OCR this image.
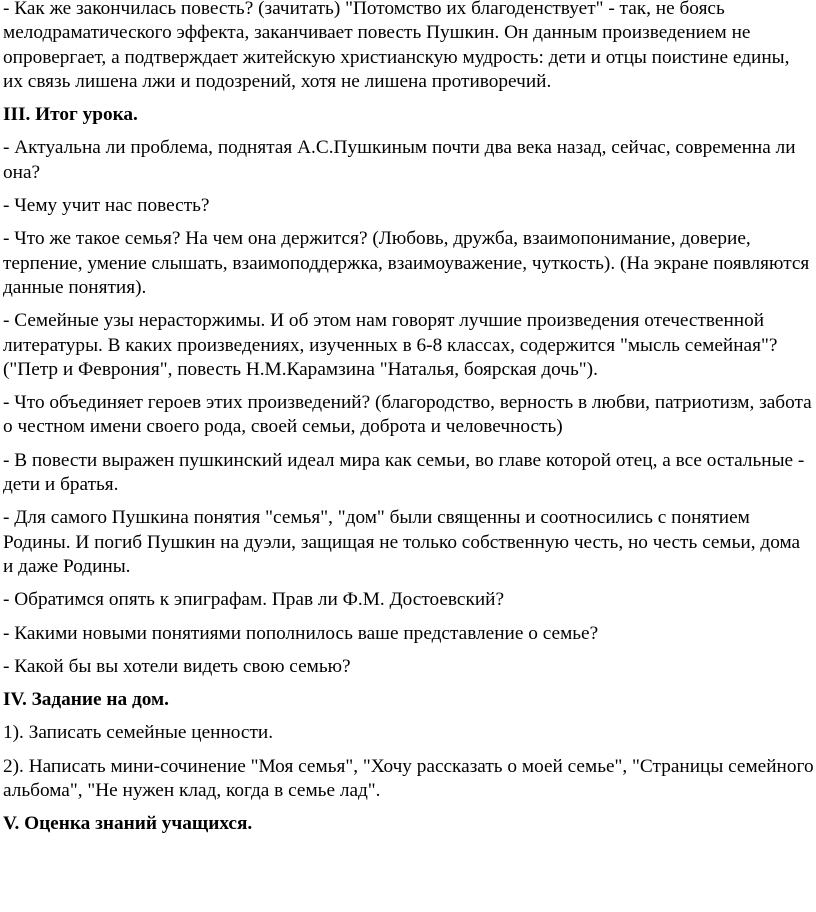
- Как же закончилась повесть? (зачитать) "Потомство их благоденствует" - так, не боясь мелодраматического эффекта, заканчивает повесть Пушкин. Он данным произведением не опровергает, а подтверждает житейскую христианскую мудрость: дети и отцы поистине едины, их связь лишена лжи и подозрений, хотя не лишена противоречий.

III. Итог урока.

- Актуальна ли проблема, поднятая А.С.Пушкиным почти два века назад, сейчас, современна ли она?

- Чему учит нас повесть?

- Что же такое семья? На чем она держится? (Любовь, дружба, взаимопонимание, доверие, терпение, умение слышать, взаимоподдержка, взаимоуважение, чуткость). (На экране появляются данные понятия).

- Семейные узы нерасторжимы. И об этом нам говорят лучшие произведения отечественной литературы. В каких произведениях, изученных в 6-8 классах, содержится "мысль семейная"? ("Петр и Феврония", повесть Н.М.Карамзина "Наталья, боярская дочь").

- Что объединяет героев этих произведений? (благородство, верность в любви, патриотизм, забота о честном имени своего рода, своей семьи, доброта и человечность)

- В повести выражен пушкинский идеал мира как семьи, во главе которой отец, а все остальные - дети и братья.

- Для самого Пушкина понятия "семья", "дом" были священны и соотносились с понятием Родины. И погиб Пушкин на дуэли, защищая не только собственную честь, но честь семьи, дома и даже Родины.

- Обратимся опять к эпиграфам. Прав ли Ф.М. Достоевский?

- Какими новыми понятиями пополнилось ваше представление о семье?

- Какой бы вы хотели видеть свою семью?

IV. Задание на дом.

1). Записать семейные ценности.

2). Написать мини-сочинение "Моя семья", "Хочу рассказать о моей семье", "Страницы семейного альбома", "Не нужен клад, когда в семье лад".

V. Оценка знаний учащихся.
